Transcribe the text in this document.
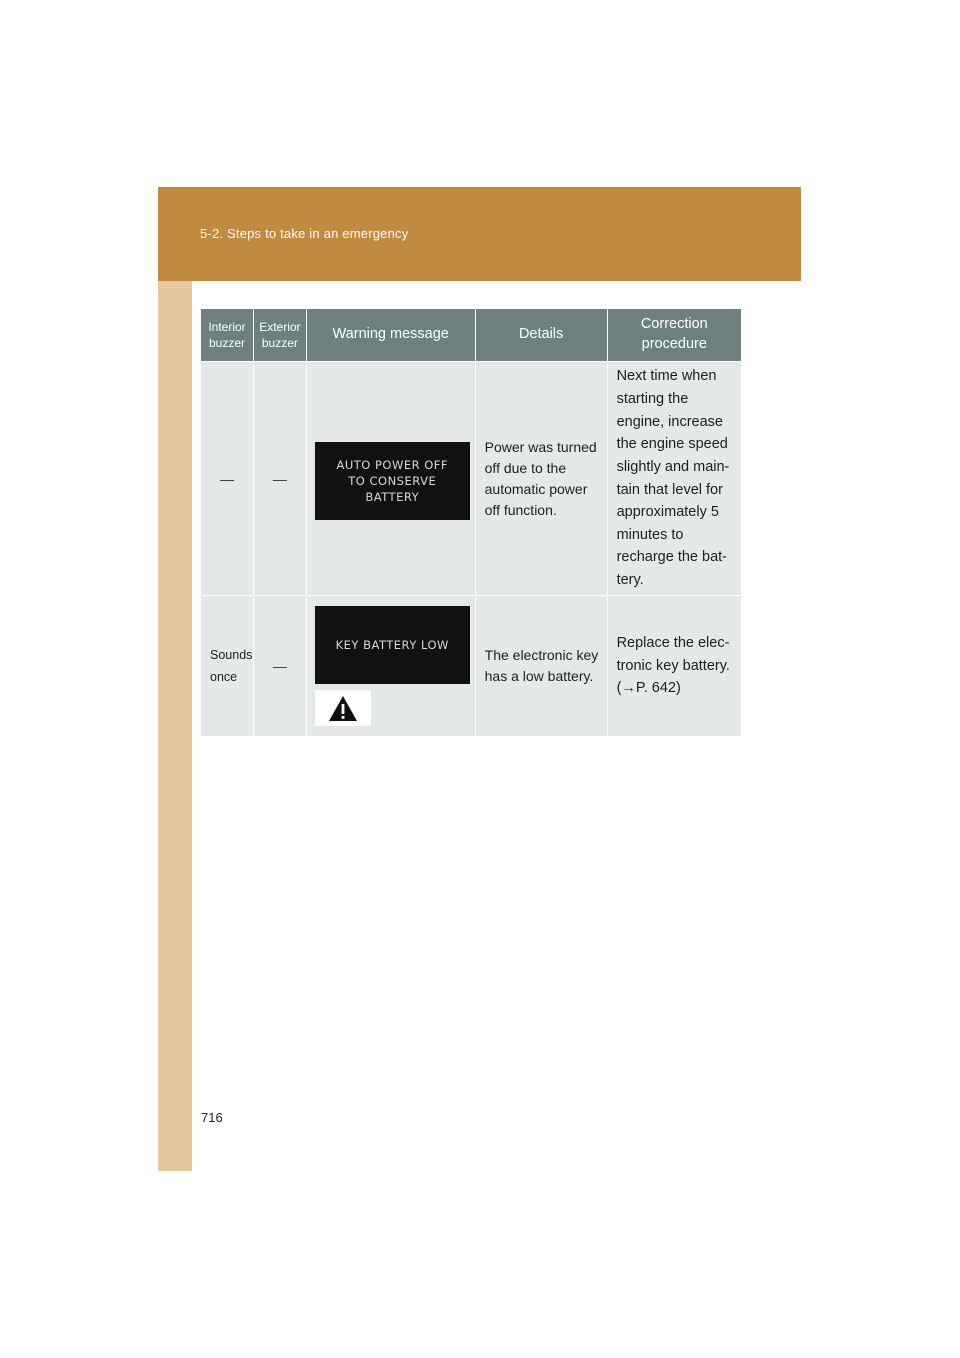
5-2. Steps to take in an emergency
Interior
buzzer	Exterior
buzzer	Warning message	Details	Correction
procedure

—	—	AUTO POWER OFF
TO CONSERVE
BATTERY	Power was turned off due to the automatic power off function.	Next time when starting the engine, increase the engine speed slightly and main-tain that level for approximately 5 minutes to recharge the bat-tery.

Sounds once	—	KEY BATTERY LOW	The electronic key has a low battery.	Replace the elec-tronic key battery. (→P. 642)
716
